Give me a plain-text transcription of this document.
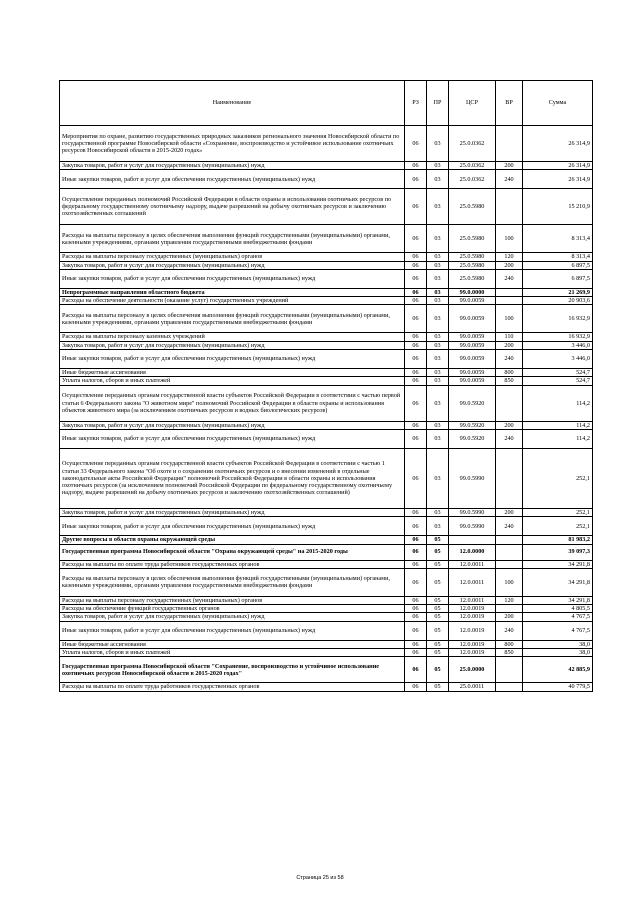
Наименование	РЗ	ПР	ЦСР	ВР	Сумма
Мероприятия по охране, развитию государственных природных заказников регионального значения Новосибирской области по государственной программе Новосибирской области «Сохранение, воспроизводство и устойчивое использование охотничьих ресурсов Новосибирской области в 2015-2020 годах»	06	03	25.0.0362		26 314,9
Закупка товаров, работ и услуг для государственных (муниципальных) нужд	06	03	25.0.0362	200	26 314,9
Иные закупки товаров, работ и услуг для обеспечения государственных (муниципальных) нужд	06	03	25.0.0362	240	26 314,9
Осуществление переданных полномочий Российской Федерации в области охраны и использования охотничьих ресурсов по федеральному государственному охотничьему надзору, выдаче разрешений на добычу охотничьих ресурсов и заключению охотхозяйственных соглашений	06	03	25.0.5980		15 210,9
Расходы на выплаты персоналу в целях обеспечения выполнения функций государственными (муниципальными) органами, казенными учреждениями, органами управления государственными внебюджетными фондами	06	03	25.0.5980	100	8 313,4
Расходы на выплаты персоналу государственных (муниципальных) органов	06	03	25.0.5980	120	8 313,4
Закупка товаров, работ и услуг для государственных (муниципальных) нужд	06	03	25.0.5980	200	6 897,5
Иные закупки товаров, работ и услуг для обеспечения государственных (муниципальных) нужд	06	03	25.0.5980	240	6 897,5
Непрограммные направления областного бюджета	06	03	99.0.0000		21 269,9
Расходы на обеспечение деятельности (оказание услуг) государственных учреждений	06	03	99.0.0059		20 903,6
Расходы на выплаты персоналу в целях обеспечения выполнения функций государственными (муниципальными) органами, казенными учреждениями, органами управления государственными внебюджетными фондами	06	03	99.0.0059	100	16 932,9
Расходы на выплаты персоналу казенных учреждений	06	03	99.0.0059	110	16 932,9
Закупка товаров, работ и услуг для государственных (муниципальных) нужд	06	03	99.0.0059	200	3 446,0
Иные закупки товаров, работ и услуг для обеспечения государственных (муниципальных) нужд	06	03	99.0.0059	240	3 446,0
Иные бюджетные ассигнования	06	03	99.0.0059	800	524,7
Уплата налогов, сборов и иных платежей	06	03	99.0.0059	850	524,7
Осуществление переданных органам государственной власти субъектов Российской Федерации в соответствии с частью первой статьи 6 Федерального закона "О животном мире" полномочий Российской Федерации в области охраны и использования объектов животного мира (за исключением охотничьих ресурсов и водных биологических ресурсов)	06	03	99.0.5920		114,2
Закупка товаров, работ и услуг для государственных (муниципальных) нужд	06	03	99.0.5920	200	114,2
Иные закупки товаров, работ и услуг для обеспечения государственных (муниципальных) нужд	06	03	99.0.5920	240	114,2
Осуществление переданных органам государственной власти субъектов Российской Федерации в соответствии с частью 1 статьи 33 Федерального закона "Об охоте и о сохранении охотничьих ресурсов и о внесении изменений в отдельные законодательные акты Российской Федерации" полномочий Российской Федерации в области охраны и использования охотничьих ресурсов (за исключением полномочий Российской Федерации по федеральному государственному охотничьему надзору, выдаче разрешений на добычу охотничьих ресурсов и заключению охотхозяйственных соглашений)	06	03	99.0.5990		252,1
Закупка товаров, работ и услуг для государственных (муниципальных) нужд	06	03	99.0.5990	200	252,1
Иные закупки товаров, работ и услуг для обеспечения государственных (муниципальных) нужд	06	03	99.0.5990	240	252,1
Другие вопросы в области охраны окружающей среды	06	05			81 983,2
Государственная программа Новосибирской области "Охрана окружающей среды" на 2015-2020 годы	06	05	12.0.0000		39 097,3
Расходы на выплаты по оплате труда работников государственных органов	06	05	12.0.0011		34 291,8
Расходы на выплаты персоналу в целях обеспечения выполнения функций государственными (муниципальными) органами, казенными учреждениями, органами управления государственными внебюджетными фондами	06	05	12.0.0011	100	34 291,8
Расходы на выплаты персоналу государственных (муниципальных) органов	06	05	12.0.0011	120	34 291,8
Расходы на обеспечение функций государственных органов	06	05	12.0.0019		4 805,5
Закупка товаров, работ и услуг для государственных (муниципальных) нужд	06	05	12.0.0019	200	4 767,5
Иные закупки товаров, работ и услуг для обеспечения государственных (муниципальных) нужд	06	05	12.0.0019	240	4 767,5
Иные бюджетные ассигнования	06	05	12.0.0019	800	38,0
Уплата налогов, сборов и иных платежей	06	05	12.0.0019	850	38,0
Государственная программа Новосибирской области "Сохранение, воспроизводство и устойчивое использование охотничьих ресурсов Новосибирской области в 2015-2020 годах"	06	05	25.0.0000		42 885,9
Расходы на выплаты по оплате труда работников государственных органов	06	05	25.0.0011		40 779,5
Страница 25 из 58
